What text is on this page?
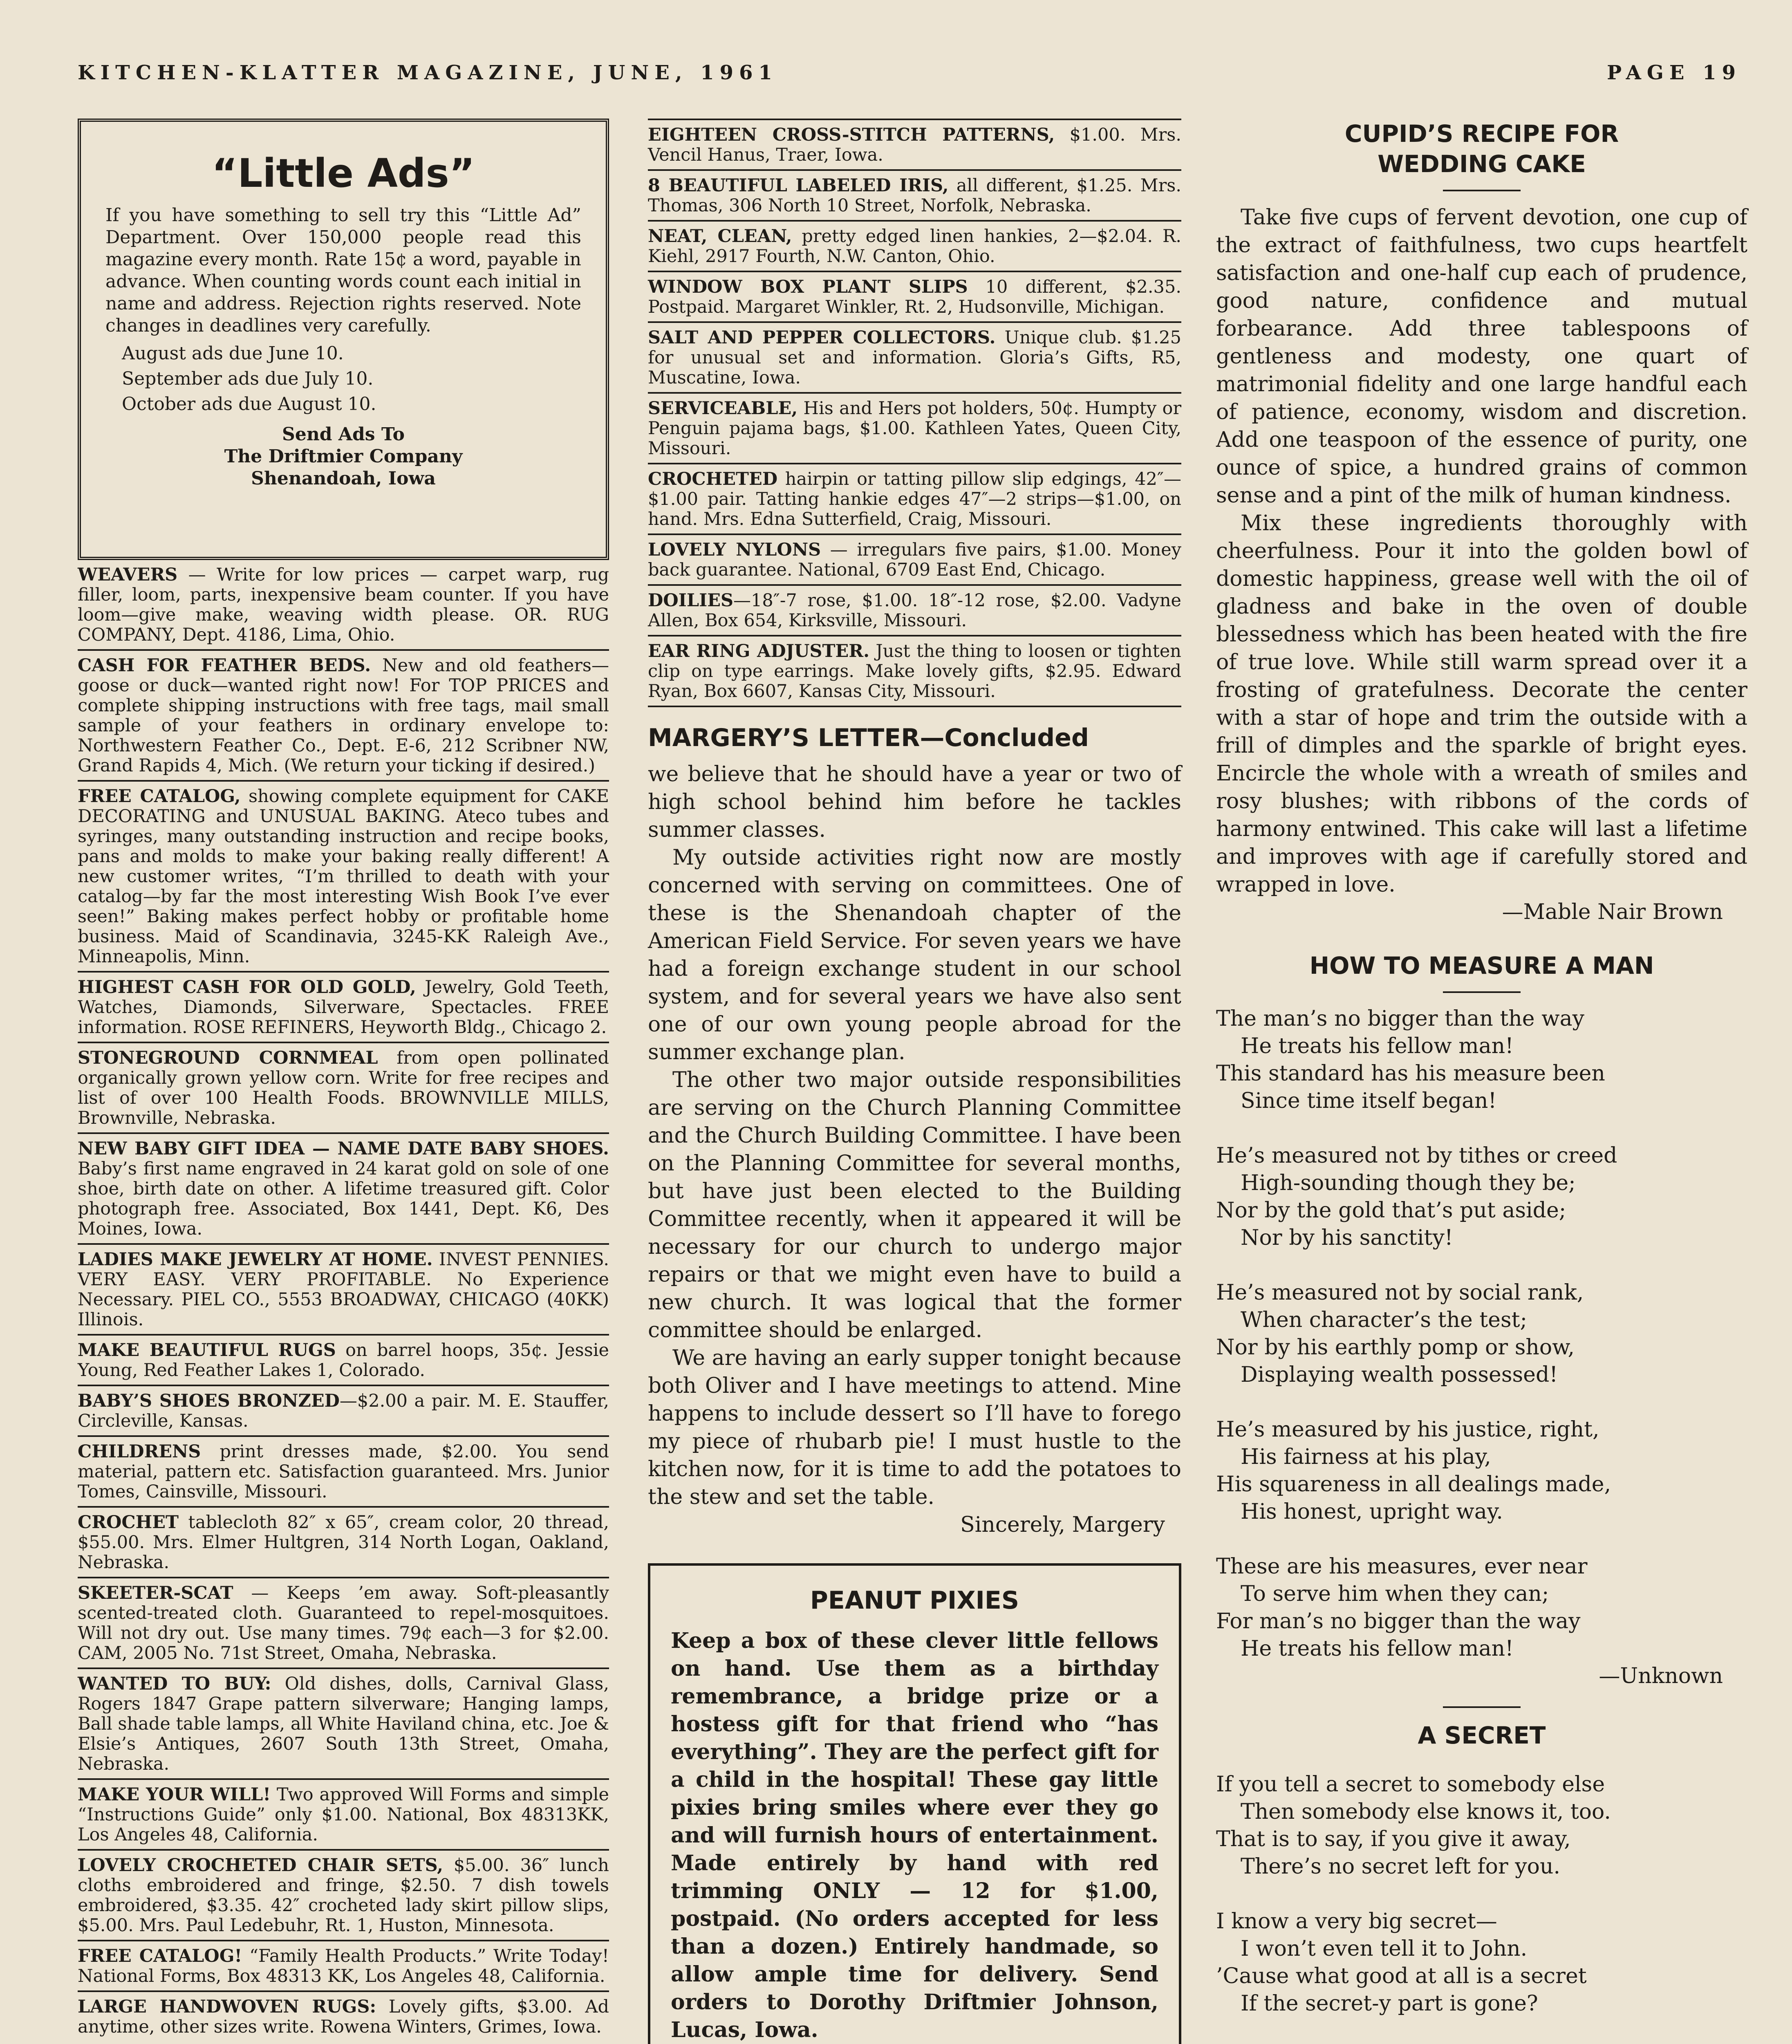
KITCHEN-KLATTER MAGAZINE, JUNE, 1961	PAGE 19
“Little Ads”

If you have something to sell try this “Little Ad” Department. Over 150,000 people read this magazine every month. Rate 15¢ a word, payable in advance. When counting words count each initial in name and address. Rejection rights reserved. Note changes in deadlines very carefully.

August ads due June 10.
September ads due July 10.
October ads due August 10.
Send Ads To
The Driftmier Company
Shenandoah, Iowa
WEAVERS — Write for low prices — carpet warp, rug filler, loom, parts, inexpensive beam counter. If you have loom—give make, weaving width please. OR. RUG COMPANY, Dept. 4186, Lima, Ohio.
CASH FOR FEATHER BEDS. New and old feathers—goose or duck—wanted right now! For TOP PRICES and complete shipping instructions with free tags, mail small sample of your feathers in ordinary envelope to: Northwestern Feather Co., Dept. E-6, 212 Scribner NW, Grand Rapids 4, Mich. (We return your ticking if desired.)
FREE CATALOG, showing complete equipment for CAKE DECORATING and UNUSUAL BAKING. Ateco tubes and syringes, many outstanding instruction and recipe books, pans and molds to make your baking really different! A new customer writes, “I’m thrilled to death with your catalog—by far the most interesting Wish Book I’ve ever seen!” Baking makes perfect hobby or profitable home business. Maid of Scandinavia, 3245-KK Raleigh Ave., Minneapolis, Minn.
HIGHEST CASH FOR OLD GOLD, Jewelry, Gold Teeth, Watches, Diamonds, Silverware, Spectacles. FREE information. ROSE REFINERS, Heyworth Bldg., Chicago 2.
STONEGROUND CORNMEAL from open pollinated organically grown yellow corn. Write for free recipes and list of over 100 Health Foods. BROWNVILLE MILLS, Brownville, Nebraska.
NEW BABY GIFT IDEA — NAME DATE BABY SHOES. Baby’s first name engraved in 24 karat gold on sole of one shoe, birth date on other. A lifetime treasured gift. Color photograph free. Associated, Box 1441, Dept. K6, Des Moines, Iowa.
LADIES MAKE JEWELRY AT HOME. INVEST PENNIES. VERY EASY. VERY PROFITABLE. No Experience Necessary. PIEL CO., 5553 BROADWAY, CHICAGO (40KK) Illinois.
MAKE BEAUTIFUL RUGS on barrel hoops, 35¢. Jessie Young, Red Feather Lakes 1, Colorado.
BABY’S SHOES BRONZED—$2.00 a pair. M. E. Stauffer, Circleville, Kansas.
CHILDRENS print dresses made, $2.00. You send material, pattern etc. Satisfaction guaranteed. Mrs. Junior Tomes, Cainsville, Missouri.
CROCHET tablecloth 82″ x 65″, cream color, 20 thread, $55.00. Mrs. Elmer Hultgren, 314 North Logan, Oakland, Nebraska.
SKEETER-SCAT — Keeps ’em away. Soft-pleasantly scented-treated cloth. Guaranteed to repel-mosquitoes. Will not dry out. Use many times. 79¢ each—3 for $2.00. CAM, 2005 No. 71st Street, Omaha, Nebraska.
WANTED TO BUY: Old dishes, dolls, Carnival Glass, Rogers 1847 Grape pattern silverware; Hanging lamps, Ball shade table lamps, all White Haviland china, etc. Joe & Elsie’s Antiques, 2607 South 13th Street, Omaha, Nebraska.
MAKE YOUR WILL! Two approved Will Forms and simple “Instructions Guide” only $1.00. National, Box 48313KK, Los Angeles 48, California.
LOVELY CROCHETED CHAIR SETS, $5.00. 36″ lunch cloths embroidered and fringe, $2.50. 7 dish towels embroidered, $3.35. 42″ crocheted lady skirt pillow slips, $5.00. Mrs. Paul Ledebuhr, Rt. 1, Huston, Minnesota.
FREE CATALOG! “Family Health Products.” Write Today! National Forms, Box 48313 KK, Los Angeles 48, California.
LARGE HANDWOVEN RUGS: Lovely gifts, $3.00. Ad anytime, other sizes write. Rowena Winters, Grimes, Iowa.
EIGHTEEN CROSS-STITCH PATTERNS, $1.00. Mrs. Vencil Hanus, Traer, Iowa.
8 BEAUTIFUL LABELED IRIS, all different, $1.25. Mrs. Thomas, 306 North 10 Street, Norfolk, Nebraska.
NEAT, CLEAN, pretty edged linen hankies, 2—$2.04. R. Kiehl, 2917 Fourth, N.W. Canton, Ohio.
WINDOW BOX PLANT SLIPS 10 different, $2.35. Postpaid. Margaret Winkler, Rt. 2, Hudsonville, Michigan.
SALT AND PEPPER COLLECTORS. Unique club. $1.25 for unusual set and information. Gloria’s Gifts, R5, Muscatine, Iowa.
SERVICEABLE, His and Hers pot holders, 50¢. Humpty or Penguin pajama bags, $1.00. Kathleen Yates, Queen City, Missouri.
CROCHETED hairpin or tatting pillow slip edgings, 42″—$1.00 pair. Tatting hankie edges 47″—2 strips—$1.00, on hand. Mrs. Edna Sutterfield, Craig, Missouri.
LOVELY NYLONS — irregulars five pairs, $1.00. Money back guarantee. National, 6709 East End, Chicago.
DOILIES—18″-7 rose, $1.00. 18″-12 rose, $2.00. Vadyne Allen, Box 654, Kirksville, Missouri.
EAR RING ADJUSTER. Just the thing to loosen or tighten clip on type earrings. Make lovely gifts, $2.95. Edward Ryan, Box 6607, Kansas City, Missouri.
MARGERY’S LETTER—Concluded

we believe that he should have a year or two of high school behind him before he tackles summer classes.

My outside activities right now are mostly concerned with serving on committees. One of these is the Shenandoah chapter of the American Field Service. For seven years we have had a foreign exchange student in our school system, and for several years we have also sent one of our own young people abroad for the summer exchange plan.

The other two major outside responsibilities are serving on the Church Planning Committee and the Church Building Committee. I have been on the Planning Committee for several months, but have just been elected to the Building Committee recently, when it appeared it will be necessary for our church to undergo major repairs or that we might even have to build a new church. It was logical that the former committee should be enlarged.

We are having an early supper tonight because both Oliver and I have meetings to attend. Mine happens to include dessert so I’ll have to forego my piece of rhubarb pie! I must hustle to the kitchen now, for it is time to add the potatoes to the stew and set the table.

Sincerely, Margery

PEANUT PIXIES

Keep a box of these clever little fellows on hand. Use them as a birthday remembrance, a bridge prize or a hostess gift for that friend who “has everything”. They are the perfect gift for a child in the hospital! These gay little pixies bring smiles where ever they go and will furnish hours of entertainment. Made entirely by hand with red trimming ONLY — 12 for $1.00, postpaid. (No orders accepted for less than a dozen.) Entirely handmade, so allow ample time for delivery. Send orders to Dorothy Driftmier Johnson, Lucas, Iowa.

CUPID’S RECIPE FOR
WEDDING CAKE

Take five cups of fervent devotion, one cup of the extract of faithfulness, two cups heartfelt satisfaction and one-half cup each of prudence, good nature, confidence and mutual forbearance. Add three tablespoons of gentleness and modesty, one quart of matrimonial fidelity and one large handful each of patience, economy, wisdom and discretion. Add one teaspoon of the essence of purity, one ounce of spice, a hundred grains of common sense and a pint of the milk of human kindness.

Mix these ingredients thoroughly with cheerfulness. Pour it into the golden bowl of domestic happiness, grease well with the oil of gladness and bake in the oven of double blessedness which has been heated with the fire of true love. While still warm spread over it a frosting of gratefulness. Decorate the center with a star of hope and trim the outside with a frill of dimples and the sparkle of bright eyes. Encircle the whole with a wreath of smiles and rosy blushes; with ribbons of the cords of harmony entwined. This cake will last a lifetime and improves with age if carefully stored and wrapped in love.

—Mable Nair Brown

HOW TO MEASURE A MAN

The man’s no bigger than the way

He treats his fellow man!

This standard has his measure been

Since time itself began!

He’s measured not by tithes or creed

High-sounding though they be;

Nor by the gold that’s put aside;

Nor by his sanctity!

He’s measured not by social rank,

When character’s the test;

Nor by his earthly pomp or show,

Displaying wealth possessed!

He’s measured by his justice, right,

His fairness at his play,

His squareness in all dealings made,

His honest, upright way.

These are his measures, ever near

To serve him when they can;

For man’s no bigger than the way

He treats his fellow man!

—Unknown

A SECRET

If you tell a secret to somebody else

Then somebody else knows it, too.

That is to say, if you give it away,

There’s no secret left for you.

I know a very big secret—

I won’t even tell it to John.

’Cause what good at all is a secret

If the secret-y part is gone?
